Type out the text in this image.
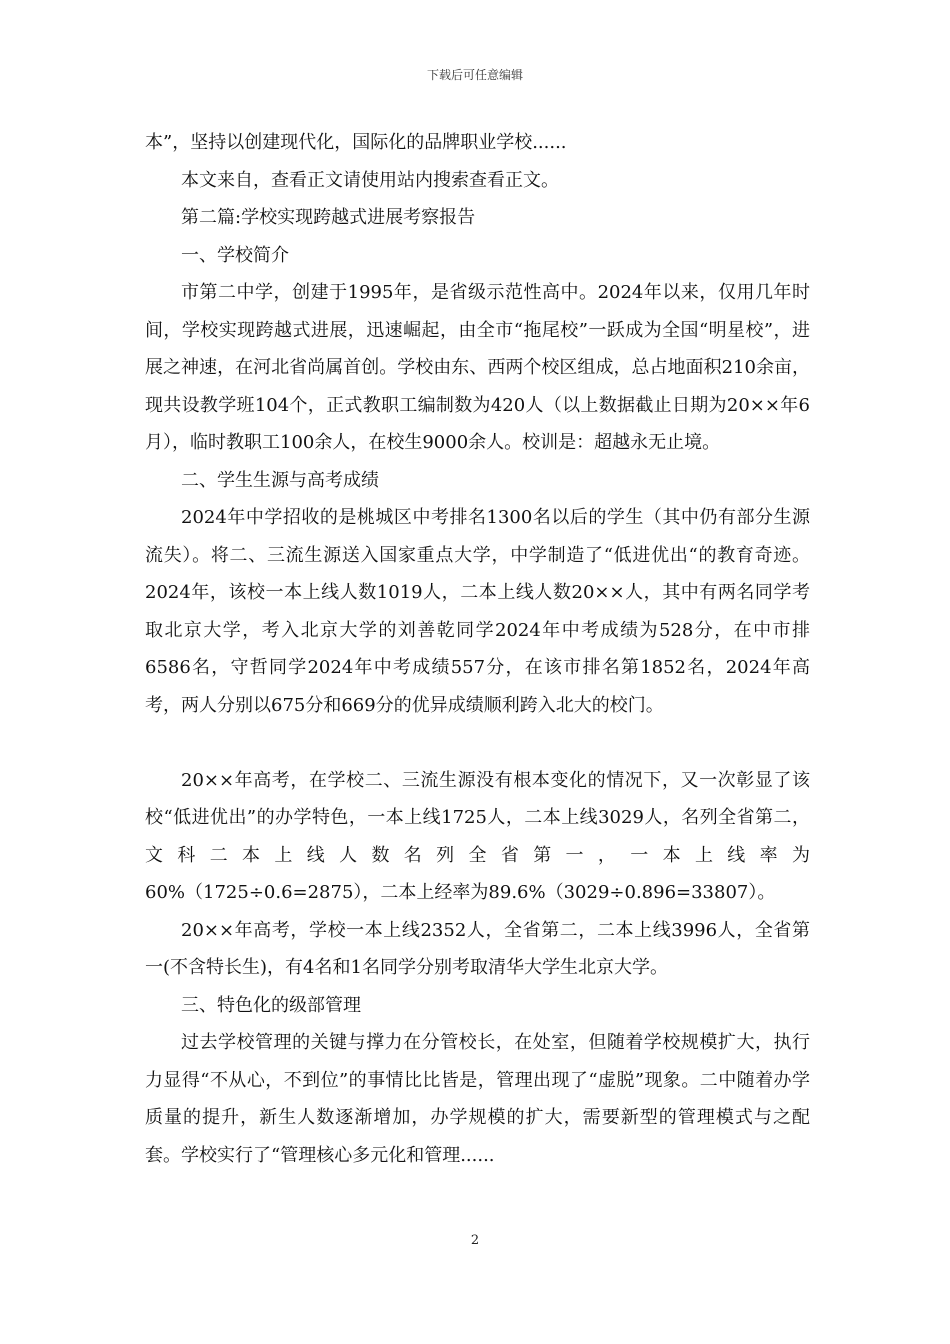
下载后可任意编辑

本”，坚持以创建现代化，国际化的品牌职业学校......

本文来自，查看正文请使用站内搜索查看正文。

第二篇:学校实现跨越式进展考察报告

一、学校简介

市第二中学，创建于1995年，是省级示范性高中。2024年以来，仅用几年时间，学校实现跨越式进展，迅速崛起，由全市“拖尾校”一跃成为全国“明星校”，进展之神速，在河北省尚属首创。学校由东、西两个校区组成，总占地面积210余亩，现共设教学班104个，正式教职工编制数为420人（以上数据截止日期为20××年6月），临时教职工100余人，在校生9000余人。校训是：超越永无止境。

二、学生生源与高考成绩

2024年中学招收的是桃城区中考排名1300名以后的学生（其中仍有部分生源流失）。将二、三流生源送入国家重点大学，中学制造了“低进优出“的教育奇迹。2024年，该校一本上线人数1019人，二本上线人数20××人，其中有两名同学考取北京大学，考入北京大学的刘善乾同学2024年中考成绩为528分，在中市排6586名，守哲同学2024年中考成绩557分，在该市排名第1852名，2024年高考，两人分别以675分和669分的优异成绩顺利跨入北大的校门。

20××年高考，在学校二、三流生源没有根本变化的情况下，又一次彰显了该校“低进优出”的办学特色，一本上线1725人，二本上线3029人，名列全省第二，文科二本上线人数名列全省第一，一本上线率为

60%（1725÷0.6=2875），二本上经率为89.6%（3029÷0.896=33807）。

20××年高考，学校一本上线2352人，全省第二，二本上线3996人，全省第一(不含特长生)，有4名和1名同学分别考取清华大学生北京大学。

三、特色化的级部管理

过去学校管理的关键与撑力在分管校长，在处室，但随着学校规模扩大，执行力显得“不从心，不到位”的事情比比皆是，管理出现了“虚脱”现象。二中随着办学质量的提升，新生人数逐渐增加，办学规模的扩大，需要新型的管理模式与之配套。学校实行了“管理核心多元化和管理......

2
